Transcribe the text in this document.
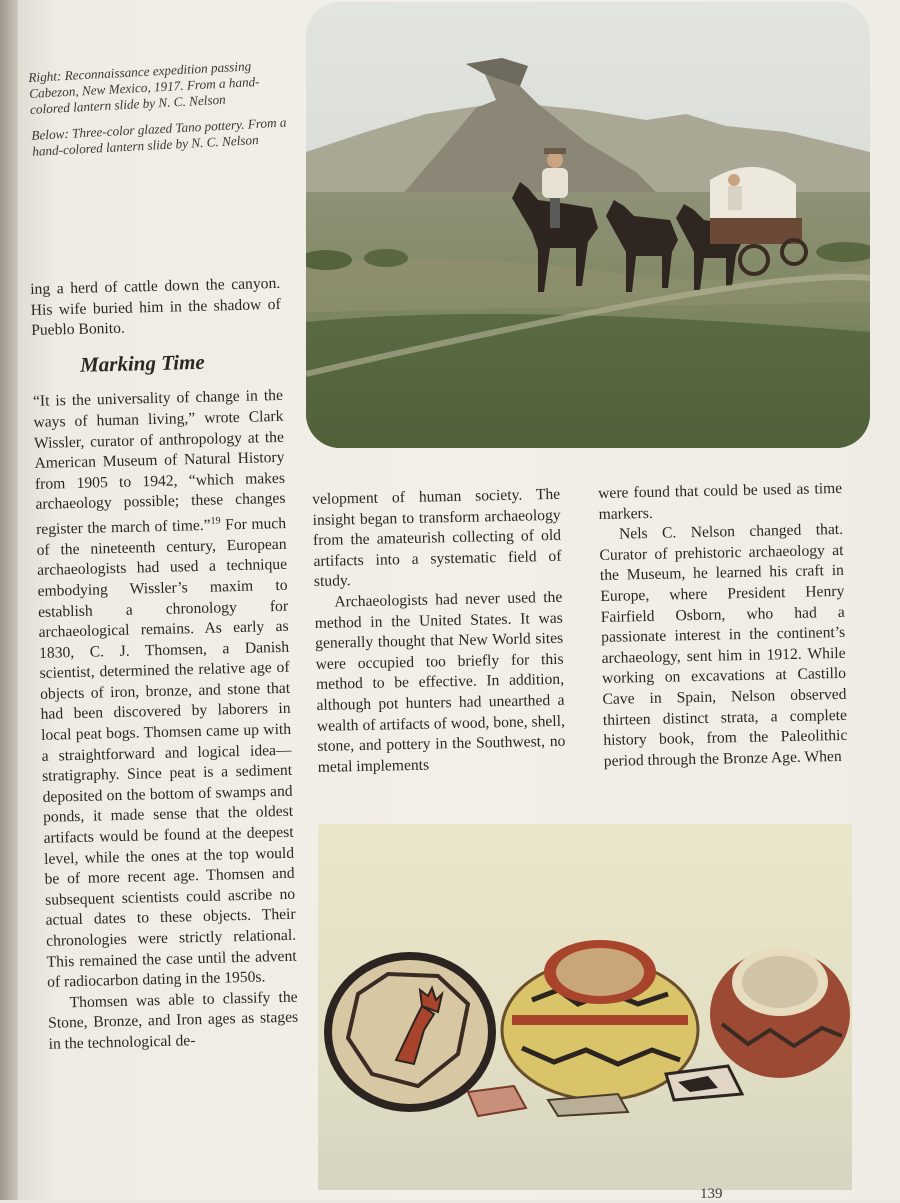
Right: Reconnaissance expedition passing Cabezon, New Mexico, 1917. From a hand-colored lantern slide by N. C. Nelson

Below: Three-color glazed Tano pottery. From a hand-colored lantern slide by N. C. Nelson

ing a herd of cattle down the canyon. His wife buried him in the shadow of Pueblo Bonito.

Marking Time

“It is the universality of change in the ways of human living,” wrote Clark Wissler, curator of anthropology at the American Museum of Natural History from 1905 to 1942, “which makes archaeology possible; these changes register the march of time.”$^{19}$ For much of the nineteenth century, European archaeologists had used a technique embodying Wissler’s maxim to establish a chronology for archaeological remains. As early as 1830, C. J. Thomsen, a Danish scientist, determined the relative age of objects of iron, bronze, and stone that had been discovered by laborers in local peat bogs. Thomsen came up with a straightforward and logical idea—stratigraphy. Since peat is a sediment deposited on the bottom of swamps and ponds, it made sense that the oldest artifacts would be found at the deepest level, while the ones at the top would be of more recent age. Thomsen and subsequent scientists could ascribe no actual dates to these objects. Their chronologies were strictly relational. This remained the case until the advent of radiocarbon dating in the 1950s.

Thomsen was able to classify the Stone, Bronze, and Iron ages as stages in the technological de-

velopment of human society. The insight began to transform archaeology from the amateurish collecting of old artifacts into a systematic field of study.

Archaeologists had never used the method in the United States. It was generally thought that New World sites were occupied too briefly for this method to be effective. In addition, although pot hunters had unearthed a wealth of artifacts of wood, bone, shell, stone, and pottery in the Southwest, no metal implements

were found that could be used as time markers.

Nels C. Nelson changed that. Curator of prehistoric archaeology at the Museum, he learned his craft in Europe, where President Henry Fairfield Osborn, who had a passionate interest in the continent’s archaeology, sent him in 1912. While working on excavations at Castillo Cave in Spain, Nelson observed thirteen distinct strata, a complete history book, from the Paleolithic period through the Bronze Age. When

139
